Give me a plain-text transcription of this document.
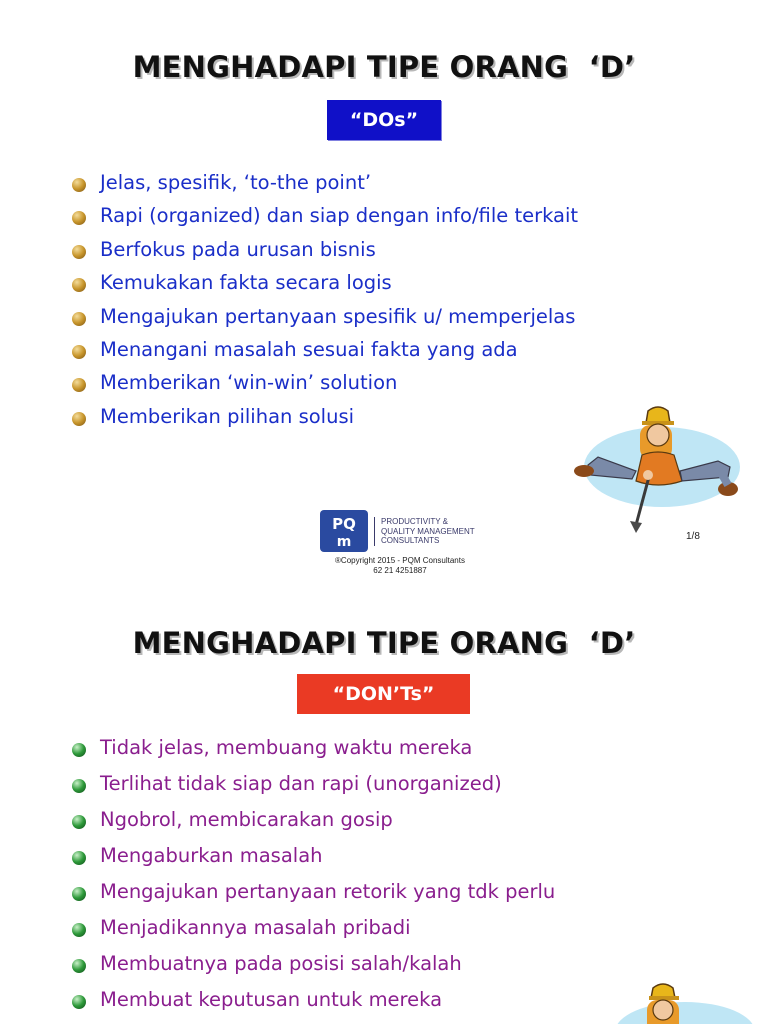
MENGHADAPI TIPE ORANG  ‘D’
“DOs”
Jelas, spesifik, ‘to-the point’
Rapi (organized) dan siap dengan info/file terkait
Berfokus pada urusan bisnis
Kemukakan fakta secara logis
Mengajukan pertanyaan spesifik u/ memperjelas
Menangani masalah sesuai fakta yang ada
Memberikan ‘win-win’ solution
Memberikan pilihan solusi
PQ
m
PRODUCTIVITY &
QUALITY MANAGEMENT
CONSULTANTS
®Copyright 2015 - PQM Consultants
62 21 4251887
1/8
MENGHADAPI TIPE ORANG  ‘D’
“DON’Ts”
Tidak jelas, membuang waktu mereka
Terlihat tidak siap dan rapi (unorganized)
Ngobrol, membicarakan gosip
Mengaburkan masalah
Mengajukan pertanyaan retorik yang tdk perlu
Menjadikannya masalah pribadi
Membuatnya pada posisi salah/kalah
Membuat keputusan untuk mereka
